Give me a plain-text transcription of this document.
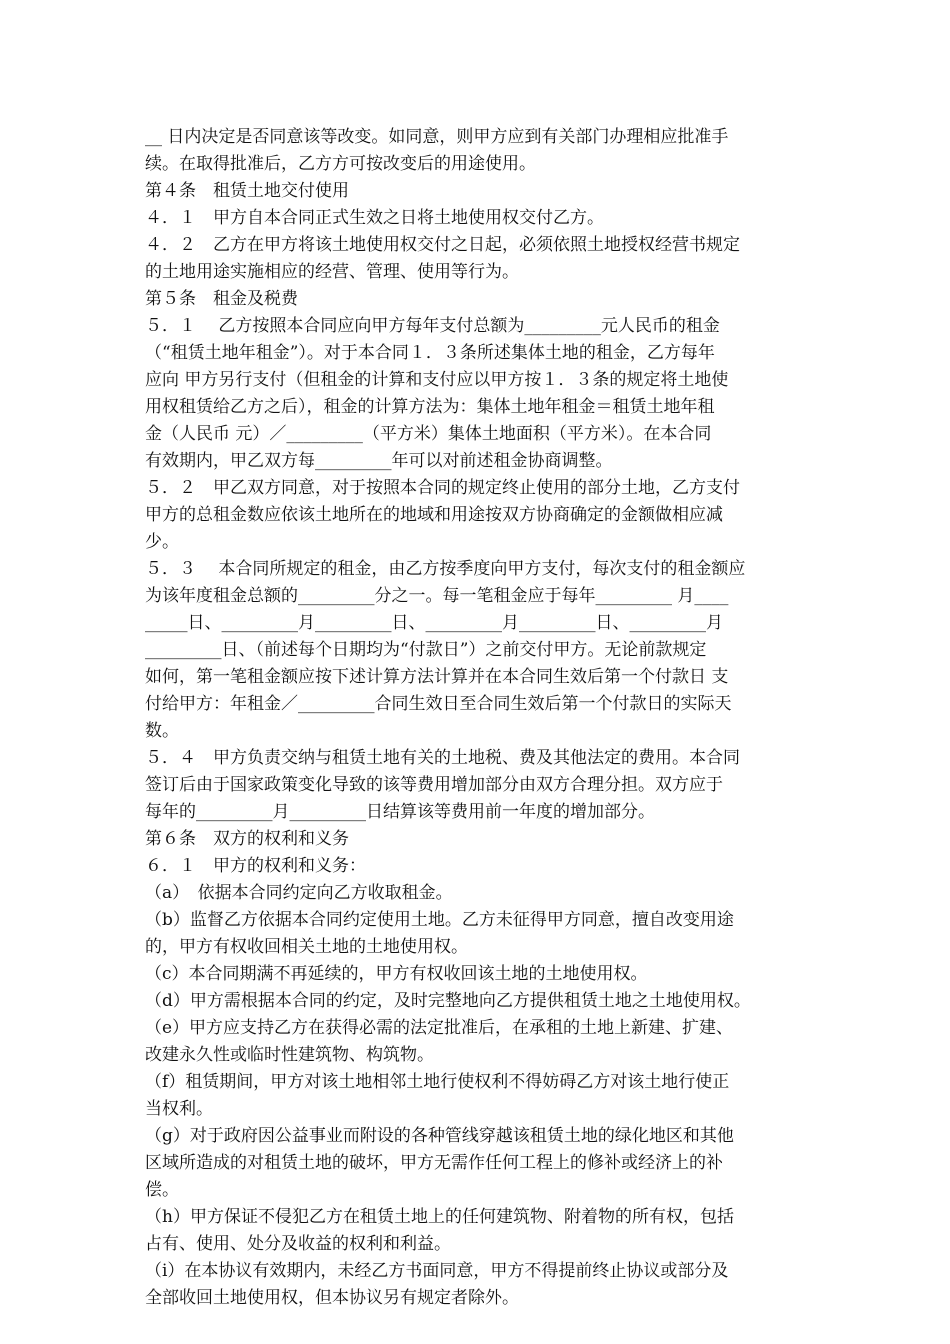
__ 日内决定是否同意该等改变。如同意，则甲方应到有关部门办理相应批准手
续。在取得批准后，乙方方可按改变后的用途使用。
第４条　租赁土地交付使用
４．１　甲方自本合同正式生效之日将土地使用权交付乙方。
４．２　乙方在甲方将该土地使用权交付之日起，必须依照土地授权经营书规定
的土地用途实施相应的经营、管理、使用等行为。
第５条　租金及税费
５．１　 乙方按照本合同应向甲方每年支付总额为_________元人民币的租金
（“租赁土地年租金”）。对于本合同１．３条所述集体土地的租金，乙方每年
应向 甲方另行支付（但租金的计算和支付应以甲方按１．３条的规定将土地使
用权租赁给乙方之后），租金的计算方法为：集体土地年租金＝租赁土地年租
金（人民币 元）／_________（平方米）集体土地面积（平方米）。在本合同
有效期内，甲乙双方每_________年可以对前述租金协商调整。
５．２　甲乙双方同意，对于按照本合同的规定终止使用的部分土地，乙方支付
甲方的总租金数应依该土地所在的地域和用途按双方协商确定的金额做相应减
少。
５．３　 本合同所规定的租金，由乙方按季度向甲方支付，每次支付的租金额应
为该年度租金总额的_________分之一。每一笔租金应于每年_________ 月____
_____日、_________月_________日、_________月_________日、_________月
_________日、（前述每个日期均为“付款日”）之前交付甲方。无论前款规定
如何，第一笔租金额应按下述计算方法计算并在本合同生效后第一个付款日 支
付给甲方：年租金／_________合同生效日至合同生效后第一个付款日的实际天
数。
５．４　甲方负责交纳与租赁土地有关的土地税、费及其他法定的费用。本合同
签订后由于国家政策变化导致的该等费用增加部分由双方合理分担。双方应于
每年的_________月_________日结算该等费用前一年度的增加部分。
第６条　双方的权利和义务
６．１　甲方的权利和义务：
（a）　依据本合同约定向乙方收取租金。
（b）监督乙方依据本合同约定使用土地。乙方未征得甲方同意，擅自改变用途
的，甲方有权收回相关土地的土地使用权。
（c）本合同期满不再延续的，甲方有权收回该土地的土地使用权。
（d）甲方需根据本合同的约定，及时完整地向乙方提供租赁土地之土地使用权。
（e）甲方应支持乙方在获得必需的法定批准后，在承租的土地上新建、扩建、
改建永久性或临时性建筑物、构筑物。
（f）租赁期间，甲方对该土地相邻土地行使权利不得妨碍乙方对该土地行使正
当权利。
（g）对于政府因公益事业而附设的各种管线穿越该租赁土地的绿化地区和其他
区域所造成的对租赁土地的破坏，甲方无需作任何工程上的修补或经济上的补
偿。
（h）甲方保证不侵犯乙方在租赁土地上的任何建筑物、附着物的所有权，包括
占有、使用、处分及收益的权利和利益。
（i）在本协议有效期内，未经乙方书面同意，甲方不得提前终止协议或部分及
全部收回土地使用权，但本协议另有规定者除外。
